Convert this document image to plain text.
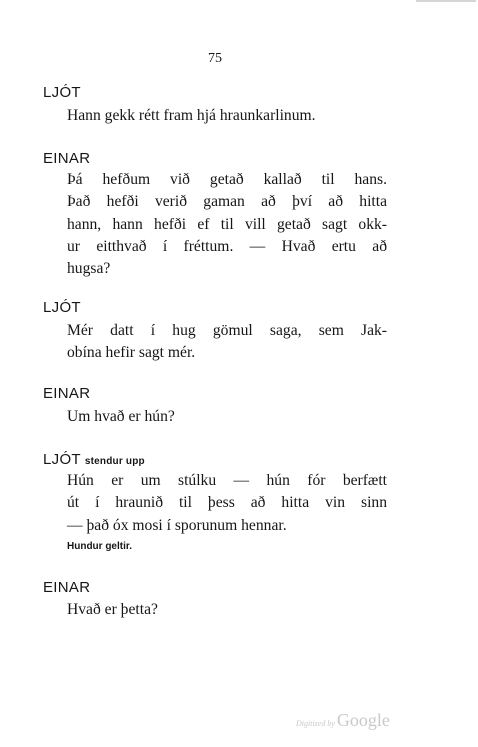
75
LJÓT
Hann gekk rétt fram hjá hraunkarlinum.
EINAR
Þá hefðum við getað kallað til hans.
Það hefði verið gaman að því að hitta
hann, hann hefði ef til vill getað sagt okk-
ur eitthvað í fréttum. — Hvað ertu að
hugsa?
LJÓT
Mér datt í hug gömul saga, sem Jak-
obína hefir sagt mér.
EINAR
Um hvað er hún?
LJÓT stendur upp
Hún er um stúlku — hún fór berfætt
út í hraunið til þess að hitta vin sinn
— það óx mosi í sporunum hennar.
Hundur geltir.
EINAR
Hvað er þetta?
Digitized by Google
